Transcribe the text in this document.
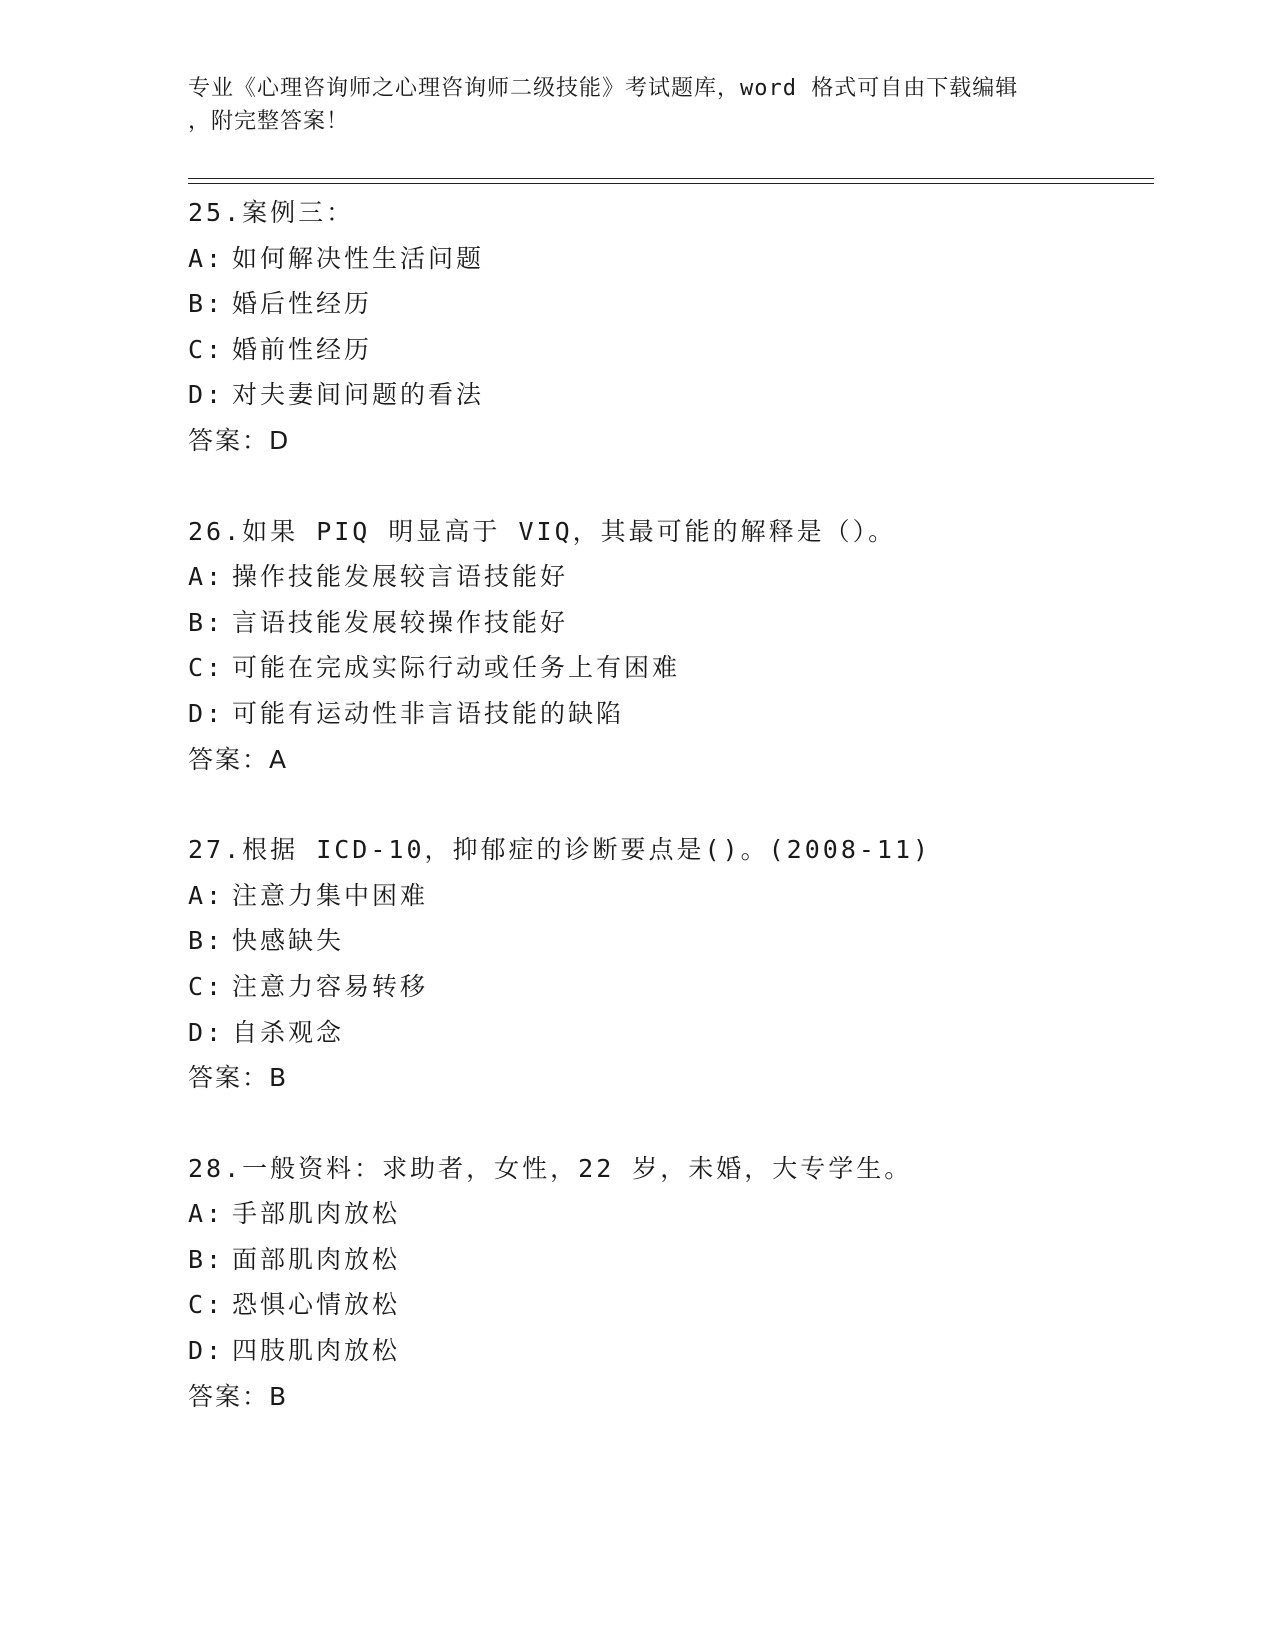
专业《心理咨询师之心理咨询师二级技能》考试题库，word 格式可自由下载编辑
，附完整答案！
25.案例三：
A: 如何解决性生活问题
B: 婚后性经历
C: 婚前性经历
D: 对夫妻间问题的看法
答案：D
26.如果 PIQ 明显高于 VIQ，其最可能的解释是（）。
A: 操作技能发展较言语技能好
B: 言语技能发展较操作技能好
C: 可能在完成实际行动或任务上有困难
D: 可能有运动性非言语技能的缺陷
答案：A
27.根据 ICD-10，抑郁症的诊断要点是()。(2008-11)
A: 注意力集中困难
B: 快感缺失
C: 注意力容易转移
D: 自杀观念
答案：B
28.一般资料：求助者，女性，22 岁，未婚，大专学生。
A: 手部肌肉放松
B: 面部肌肉放松
C: 恐惧心情放松
D: 四肢肌肉放松
答案：B
